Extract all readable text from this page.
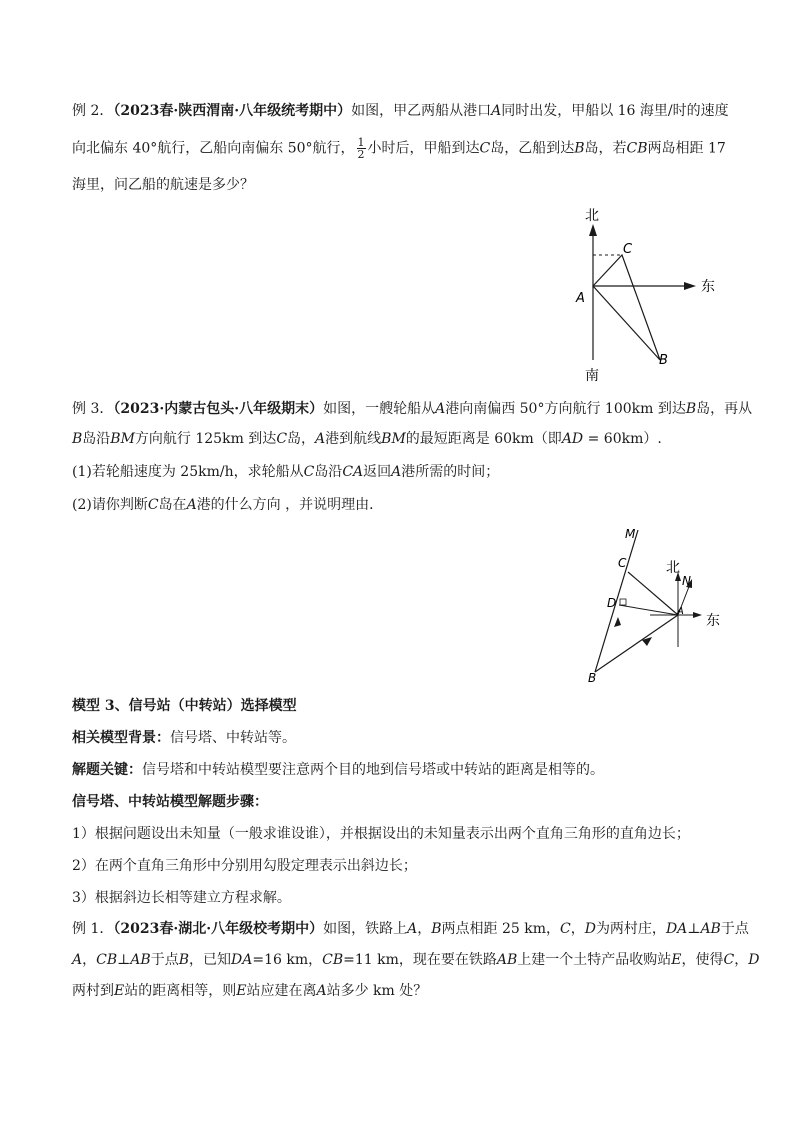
例 2．（2023春·陕西渭南·八年级统考期中）如图，甲乙两船从港口A同时出发，甲船以 16 海里/时的速度
向北偏东 40°航行，乙船向南偏东 50°航行， $\frac{1}{2}$ 小时后，甲船到达C岛，乙船到达B岛，若CB两岛相距 17
海里，问乙船的航速是多少？
北
南
东
A
C
B
例 3．（2023·内蒙古包头·八年级期末）如图，一艘轮船从A港向南偏西 50°方向航行 100km 到达B岛，再从
B岛沿BM方向航行 125km 到达C岛，A港到航线BM的最短距离是 60km（即AD = 60km）.
(1)若轮船速度为 25km/h，求轮船从C岛沿CA返回A港所需的时间；
(2)请你判断C岛在A港的什么方向 ，并说明理由．
北
东
M
C
D
A
N
B
模型 3、信号站（中转站）选择模型
相关模型背景：信号塔、中转站等。
解题关键：信号塔和中转站模型要注意两个目的地到信号塔或中转站的距离是相等的。
信号塔、中转站模型解题步骤：
1）根据问题设出未知量（一般求谁设谁），并根据设出的未知量表示出两个直角三角形的直角边长；
2）在两个直角三角形中分别用勾股定理表示出斜边长；
3）根据斜边长相等建立方程求解。
例 1．（2023春·湖北·八年级校考期中）如图，铁路上A，B两点相距 25 km，C，D为两村庄，DA⊥AB于点
A，CB⊥AB于点B，已知DA=16 km，CB=11 km，现在要在铁路AB上建一个土特产品收购站E，使得C，D
两村到E站的距离相等，则E站应建在离A站多少 km 处？
